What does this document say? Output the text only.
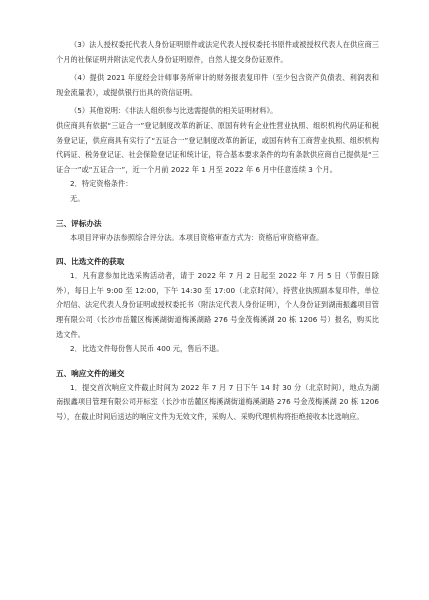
（3）法人授权委托代表人身份证明原件或法定代表人授权委托书原件或被授权代表人在供应商三个月的社保证明并附法定代表人身份证明原件，自然人提交身份证原件。

（4）提供 2021 年度经会计师事务所审计的财务报表复印件（至少包含资产负债表、利润表和现金流量表），或提供银行出具的资信证明。

（5）其他说明：《非法人组织参与比选需提供的相关证明材料》。

供应商具有依据“三证合一”登记制度改革的新证、原国有转有企业性营业执照、组织机构代码证和税务登记证，供应商具有实行了“五证合一”登记制度改革的新证，或国有转有工商营业执照、组织机构代码证、税务登记证、社会保险登记证和统计证，符合基本要求条件的均有条款供应商自己提供是“三证合一”或“五证合一”，近一个月前 2022 年 1 月至 2022 年 6 月中任意连续 3 个月。

2．特定资格条件：

无。

三、评标办法

本项目评审办法参照综合评分法。本项目资格审查方式为：资格后审资格审查。

四、比选文件的获取

1．凡有意参加比选采购活动者，请于 2022 年 7 月 2 日起至 2022 年 7 月 5 日（节假日除外），每日上午 9:00 至 12:00，下午 14:30 至 17:00（北京时间），持营业执照副本复印件，单位介绍信、法定代表人身份证明或授权委托书（附法定代表人身份证明），个人身份证到湖南振鑫项目管理有限公司（长沙市岳麓区梅溪湖街道梅溪湖路 276 号金茂梅溪湖 20 栋 1206 号）报名，购买比选文件。

2．比选文件每份售人民币 400 元，售后不退。

五、响应文件的递交

1．提交首次响应文件截止时间为 2022 年 7 月 7 日下午 14 时 30 分（北京时间），地点为湖南振鑫项目管理有限公司开标室（长沙市岳麓区梅溪湖街道梅溪湖路 276 号金茂梅溪湖 20 栋 1206 号），在截止时间后送达的响应文件为无效文件，采购人、采购代理机构将拒绝接收本比选响应。
